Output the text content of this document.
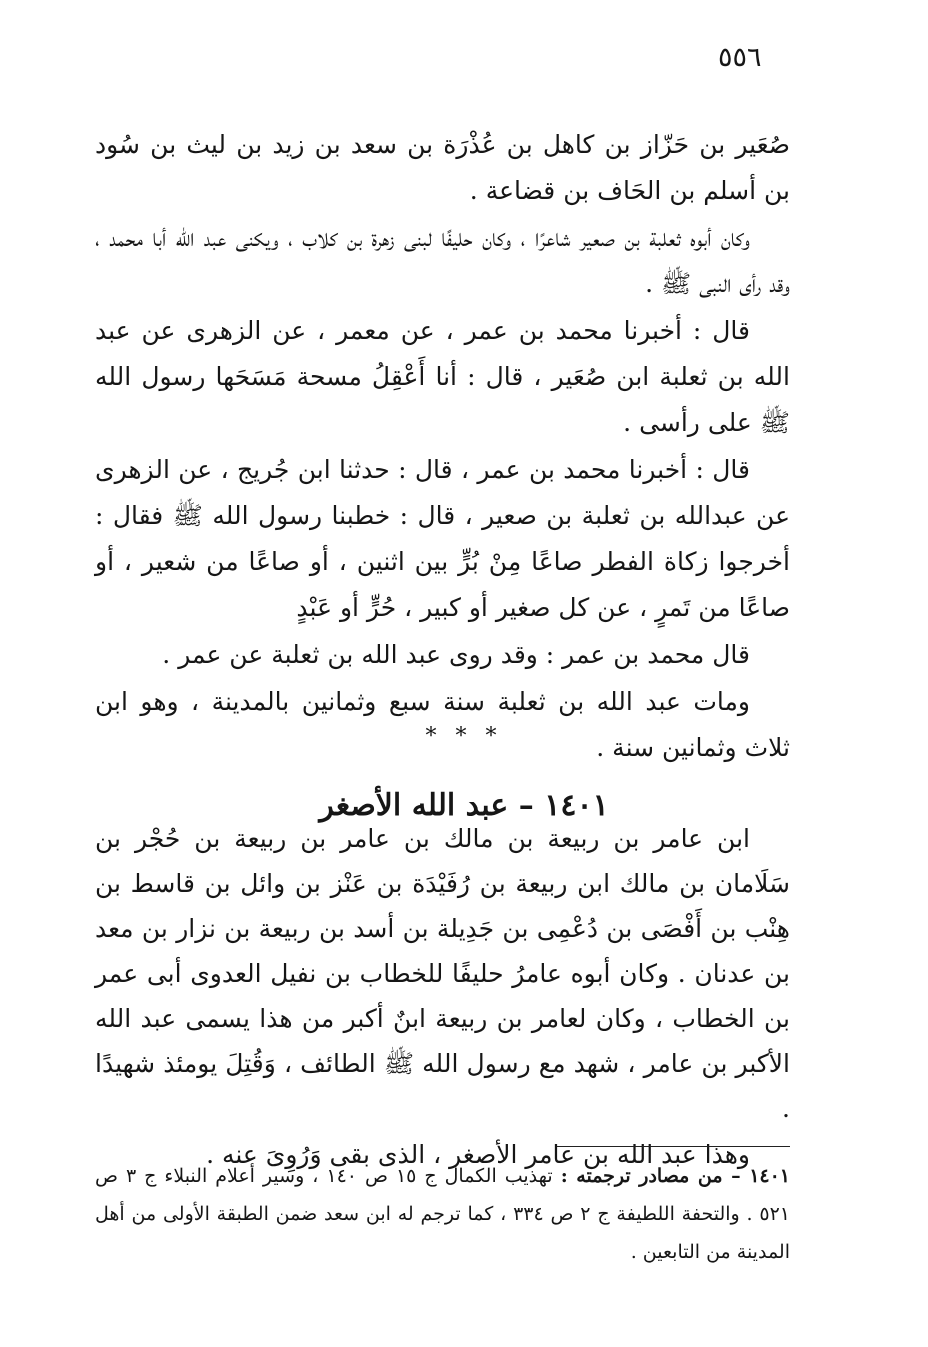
٥٥٦

صُعَير بن حَزّاز بن كاهل بن عُذْرَة بن سعد بن زيد بن ليث بن سُود بن أسلم بن الحَاف بن قضاعة .

وكان أبوه ثعلبة بن صعير شاعرًا ، وكان حليفًا لبنى زهرة بن كلاب ، ويكنى عبد الله أبا محمد ، وقد رأى النبى ﷺ .

قال : أخبرنا محمد بن عمر ، عن معمر ، عن الزهرى عن عبد الله بن ثعلبة ابن صُعَير ، قال : أنا أَعْقِلُ مسحة مَسَحَها رسول الله ﷺ على رأسى .

قال : أخبرنا محمد بن عمر ، قال : حدثنا ابن جُريج ، عن الزهرى عن عبدالله بن ثعلبة بن صعير ، قال : خطبنا رسول الله ﷺ فقال : أخرجوا زكاة الفطر صاعًا مِنْ بُرٍّ بين اثنين ، أو صاعًا من شعير ، أو صاعًا من تَمرٍ ، عن كل صغير أو كبير ، حُرٍّ أو عَبْدٍ

قال محمد بن عمر : وقد روى عبد الله بن ثعلبة عن عمر .

ومات عبد الله بن ثعلبة سنة سبع وثمانين بالمدينة ، وهو ابن ثلاث وثمانين سنة .

* * *
١٤٠١ – عبد الله الأصغر

ابن عامر بن ربيعة بن مالك بن عامر بن ربيعة بن حُجْر بن سَلَامان بن مالك ابن ربيعة بن رُفَيْدَة بن عَنْز بن وائل بن قاسط بن هِنْب بن أَفْصَى بن دُعْمِى بن جَدِيلة بن أسد بن ربيعة بن نزار بن معد بن عدنان . وكان أبوه عامرُ حليفًا للخطاب بن نفيل العدوى أبى عمر بن الخطاب ، وكان لعامر بن ربيعة ابنٌ أكبر من هذا يسمى عبد الله الأكبر بن عامر ، شهد مع رسول الله ﷺ الطائف ، وَقُتِلَ يومئذ شهيدًا .

وهذا عبد الله بن عامر الأصغر ، الذى بقى وَرُوِىَ عنه .

١٤٠١ – من مصادر ترجمته : تهذيب الكمال ج ١٥ ص ١٤٠ ، وسير أعلام النبلاء ج ٣ ص ٥٢١ . والتحفة اللطيفة ج ٢ ص ٣٣٤ ، كما ترجم له ابن سعد ضمن الطبقة الأولى من أهل المدينة من التابعين .
